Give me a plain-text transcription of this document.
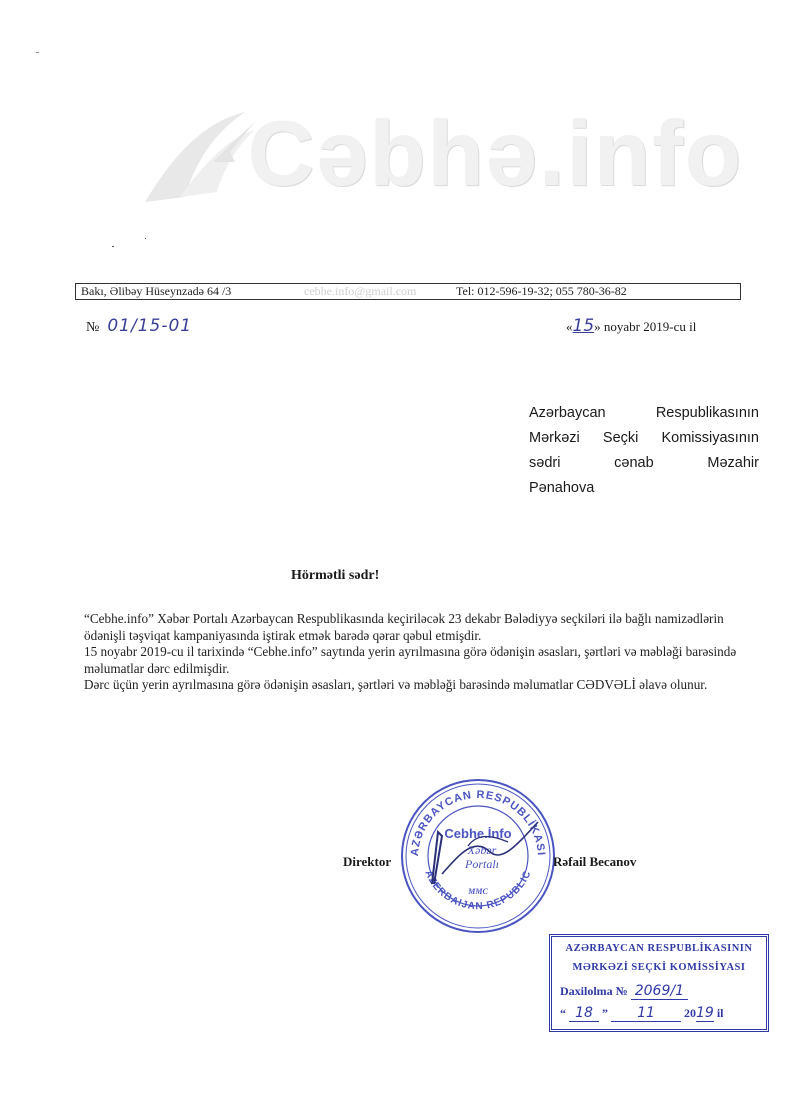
Cəbhə.info
Bakı, Əlibəy Hüseynzadə 64 /3	cebhe.info@gmail.com	Tel: 012-596-19-32; 055 780-36-82
№ 01/15-01	«15» noyabr 2019-cu il
Azərbaycan Respublikasının
Mərkəzi Seçki Komissiyasının
sədri cənab Məzahir
Pənahova
Hörmətli sədr!

“Cebhe.info” Xəbər Portalı Azərbaycan Respublikasında keçiriləcək 23 dekabr Bələdiyyə seçkiləri ilə bağlı namizədlərin ödənişli təşviqat kampaniyasında iştirak etmək barədə qərar qəbul etmişdir.

15 noyabr 2019-cu il tarixində “Cebhe.info” saytında yerin ayrılmasına görə ödənişin əsasları, şərtləri və məbləği barəsində məlumatlar dərc edilmişdir.

Dərc üçün yerin ayrılmasına görə ödənişin əsasları, şərtləri və məbləği barəsində məlumatlar CƏDVƏLİ əlavə olunur.

AZƏRBAYCAN RESPUBLİKASI
AZERBAIJAN REPUBLIC
Cebhe.İnfo
Xəbər
Portalı
MMC
Direktor	Rəfail Becanov
AZƏRBAYCAN RESPUBLİKASININ
MƏRKƏZİ SEÇKİ KOMİSSİYASI
Daxilolma № 2069/1
“ 18 ” 11 2019 il
